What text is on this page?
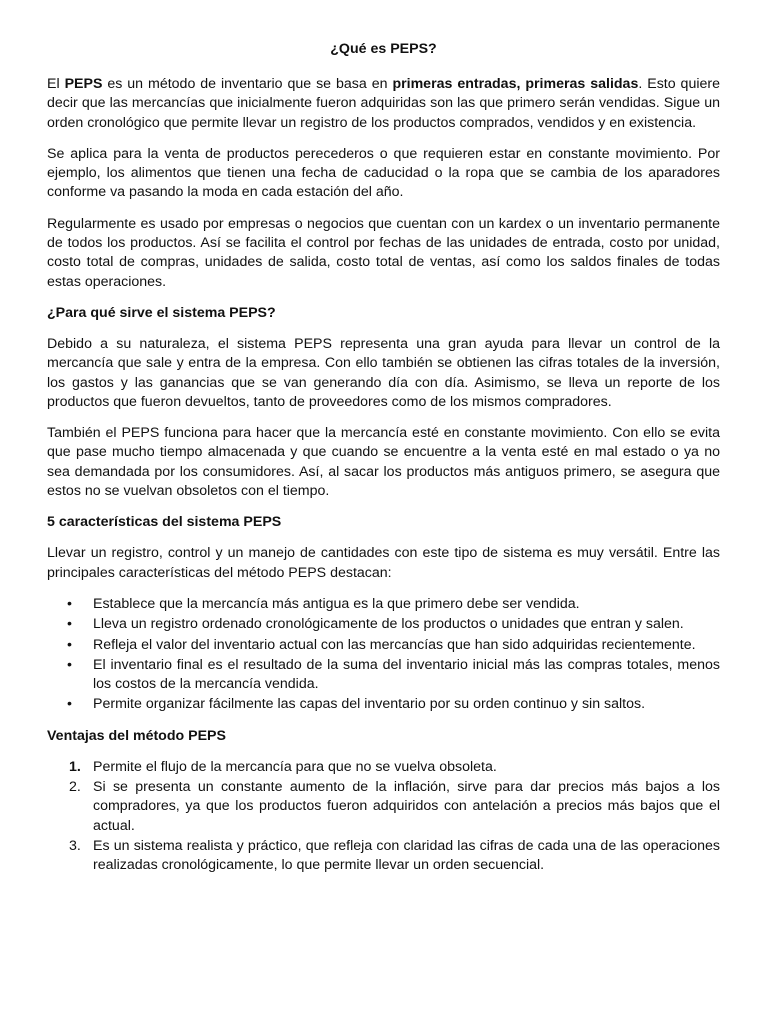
¿Qué es PEPS?

El PEPS es un método de inventario que se basa en primeras entradas, primeras salidas. Esto quiere decir que las mercancías que inicialmente fueron adquiridas son las que primero serán vendidas. Sigue un orden cronológico que permite llevar un registro de los productos comprados, vendidos y en existencia.

Se aplica para la venta de productos perecederos o que requieren estar en constante movimiento. Por ejemplo, los alimentos que tienen una fecha de caducidad o la ropa que se cambia de los aparadores conforme va pasando la moda en cada estación del año.

Regularmente es usado por empresas o negocios que cuentan con un kardex o un inventario permanente de todos los productos. Así se facilita el control por fechas de las unidades de entrada, costo por unidad, costo total de compras, unidades de salida, costo total de ventas, así como los saldos finales de todas estas operaciones.

¿Para qué sirve el sistema PEPS?

Debido a su naturaleza, el sistema PEPS representa una gran ayuda para llevar un control de la mercancía que sale y entra de la empresa. Con ello también se obtienen las cifras totales de la inversión, los gastos y las ganancias que se van generando día con día. Asimismo, se lleva un reporte de los productos que fueron devueltos, tanto de proveedores como de los mismos compradores.

También el PEPS funciona para hacer que la mercancía esté en constante movimiento. Con ello se evita que pase mucho tiempo almacenada y que cuando se encuentre a la venta esté en mal estado o ya no sea demandada por los consumidores. Así, al sacar los productos más antiguos primero, se asegura que estos no se vuelvan obsoletos con el tiempo.

5 características del sistema PEPS

Llevar un registro, control y un manejo de cantidades con este tipo de sistema es muy versátil. Entre las principales características del método PEPS destacan:

• Establece que la mercancía más antigua es la que primero debe ser vendida.
• Lleva un registro ordenado cronológicamente de los productos o unidades que entran y salen.
• Refleja el valor del inventario actual con las mercancías que han sido adquiridas recientemente.
• El inventario final es el resultado de la suma del inventario inicial más las compras totales, menos los costos de la mercancía vendida.
• Permite organizar fácilmente las capas del inventario por su orden continuo y sin saltos.
Ventajas del método PEPS
1. Permite el flujo de la mercancía para que no se vuelva obsoleta.
2. Si se presenta un constante aumento de la inflación, sirve para dar precios más bajos a los compradores, ya que los productos fueron adquiridos con antelación a precios más bajos que el actual.
3. Es un sistema realista y práctico, que refleja con claridad las cifras de cada una de las operaciones realizadas cronológicamente, lo que permite llevar un orden secuencial.
